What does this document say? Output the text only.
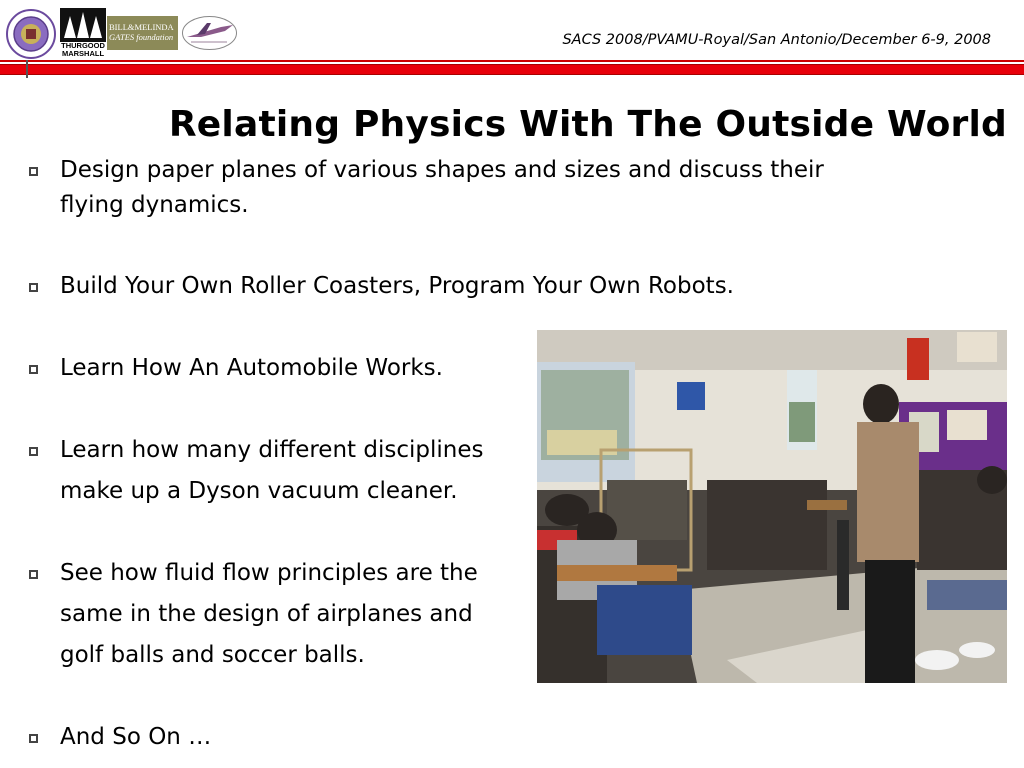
THURGOOD MARSHALL
BILL&MELINDA
GATES foundation	SACS 2008/PVAMU-Royal/San Antonio/December 6-9, 2008
Relating Physics With The Outside World
Design paper planes of various shapes and sizes and discuss their
flying dynamics.
Build Your Own Roller Coasters, Program Your Own Robots.
Learn How An Automobile Works.
Learn how many different disciplines
make up a Dyson vacuum cleaner.
See how fluid flow principles are the
same in the design of airplanes and
golf balls and soccer balls.
And So On …
